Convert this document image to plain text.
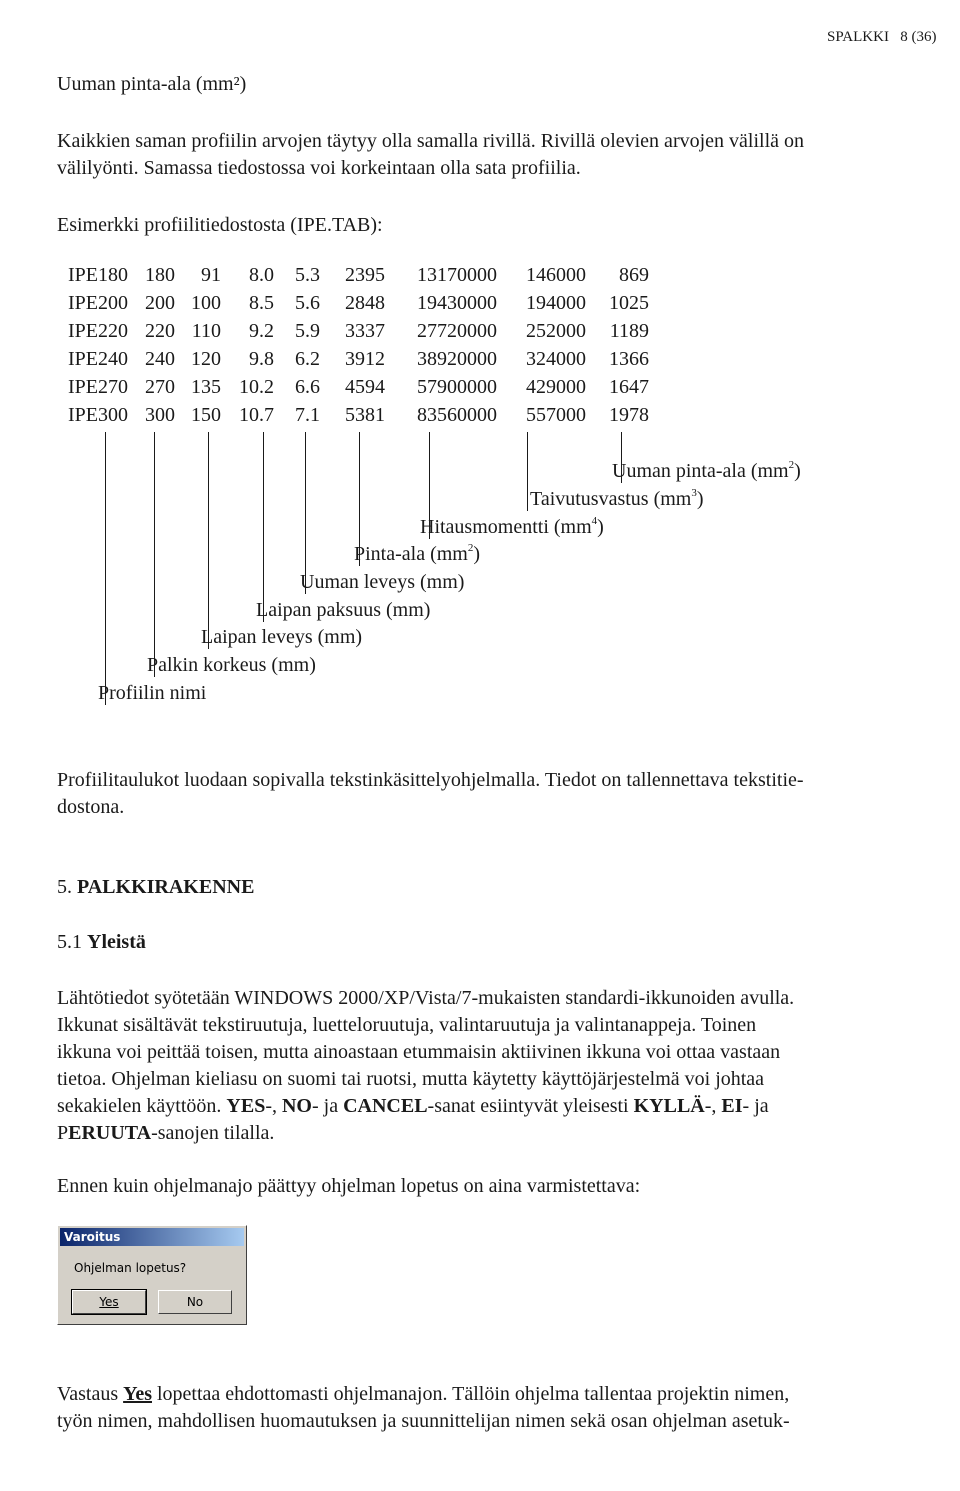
SPALKKI 8 (36)
Uuman pinta-ala (mm²)
Kaikkien saman profiilin arvojen täytyy olla samalla rivillä. Rivillä olevien arvojen välillä on
välilyönti. Samassa tiedostossa voi korkeintaan olla sata profiilia.
Esimerkki profiilitiedostosta (IPE.TAB):
IPE180 180 91 8.0 5.3 2395 13170000 146000 869
IPE200 200 100 8.5 5.6 2848 19430000 194000 1025
IPE220 220 110 9.2 5.9 3337 27720000 252000 1189
IPE240 240 120 9.8 6.2 3912 38920000 324000 1366
IPE270 270 135 10.2 6.6 4594 57900000 429000 1647
IPE300 300 150 10.7 7.1 5381 83560000 557000 1978
Uuman pinta-ala $(mm^2)$
Taivutusvastus $(mm^3)$
Hitausmomentti $(mm^4)$
Pinta-ala $(mm^2)$
Uuman leveys (mm)
Laipan paksuus (mm)
Laipan leveys (mm)
Palkin korkeus (mm)
Profiilin nimi
Profiilitaulukot luodaan sopivalla tekstinkäsittelyohjelmalla. Tiedot on tallennettava tekstitie-
dostona.
5. PALKKIRAKENNE
5.1 Yleistä
Lähtötiedot syötetään WINDOWS 2000/XP/Vista/7-mukaisten standardi-ikkunoiden avulla.
Ikkunat sisältävät tekstiruutuja, luetteloruutuja, valintaruutuja ja valintanappeja. Toinen
ikkuna voi peittää toisen, mutta ainoastaan etummaisin aktiivinen ikkuna voi ottaa vastaan
tietoa. Ohjelman kieliasu on suomi tai ruotsi, mutta käytetty käyttöjärjestelmä voi johtaa
sekakielen käyttöön. YES-, NO- ja CANCEL-sanat esiintyvät yleisesti KYLLÄ-, EI- ja
PERUUTA-sanojen tilalla.
Ennen kuin ohjelmanajo päättyy ohjelman lopetus on aina varmistettava:
Varoitus
Ohjelman lopetus?
Yes	No
Vastaus Yes lopettaa ehdottomasti ohjelmanajon. Tällöin ohjelma tallentaa projektin nimen,
työn nimen, mahdollisen huomautuksen ja suunnittelijan nimen sekä osan ohjelman asetuk-
